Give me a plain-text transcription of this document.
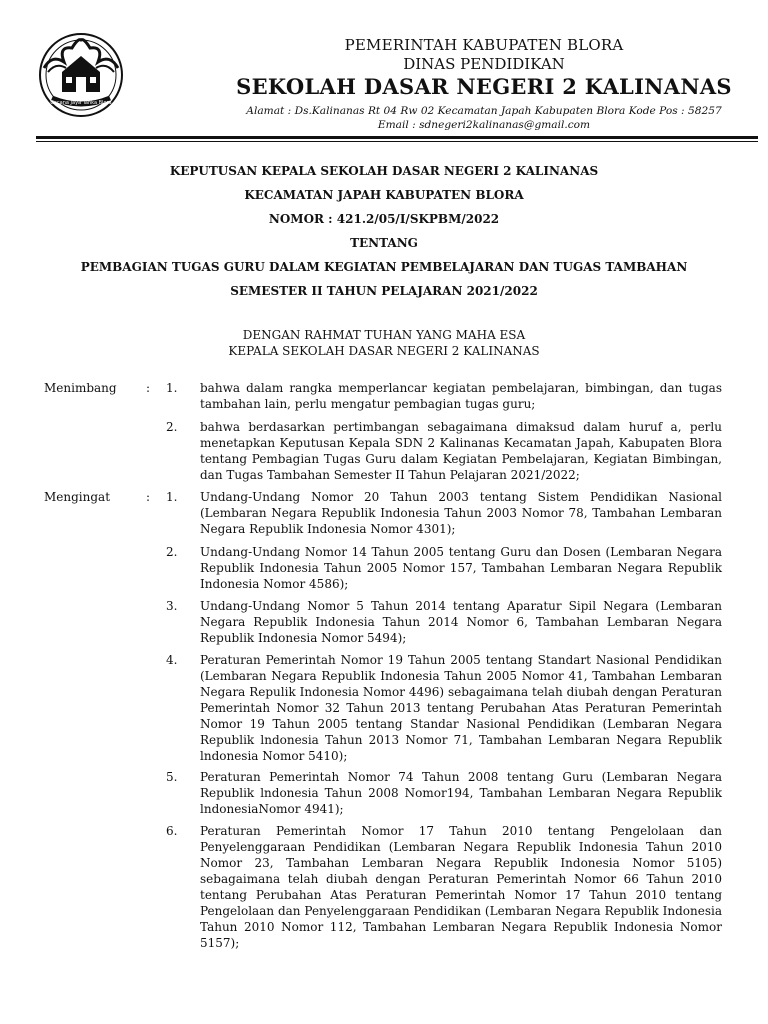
Cacana Jaya Tanka Blora
PEMERINTAH KABUPATEN BLORA
DINAS PENDIDIKAN
SEKOLAH DASAR NEGERI 2 KALINANAS
Alamat : Ds.Kalinanas Rt 04 Rw 02 Kecamatan Japah Kabupaten Blora Kode Pos : 58257
Email : sdnegeri2kalinanas@gmail.com
KEPUTUSAN KEPALA SEKOLAH DASAR NEGERI 2 KALINANAS
KECAMATAN JAPAH KABUPATEN BLORA
NOMOR : 421.2/05/I/SKPBM/2022
TENTANG
PEMBAGIAN TUGAS GURU DALAM KEGIATAN PEMBELAJARAN DAN TUGAS TAMBAHAN
SEMESTER II TAHUN PELAJARAN 2021/2022
DENGAN RAHMAT TUHAN YANG MAHA ESA
KEPALA SEKOLAH DASAR NEGERI 2 KALINANAS
Menimbang : 1. bahwa dalam rangka memperlancar kegiatan pembelajaran, bimbingan, dan tugas tambahan lain, perlu mengatur pembagian tugas guru;
2. bahwa berdasarkan pertimbangan sebagaimana dimaksud dalam huruf a, perlu menetapkan Keputusan Kepala SDN 2 Kalinanas Kecamatan Japah, Kabupaten Blora tentang Pembagian Tugas Guru dalam Kegiatan Pembelajaran, Kegiatan Bimbingan, dan Tugas Tambahan Semester II Tahun Pelajaran 2021/2022;
Mengingat	: 1. Undang-Undang Nomor 20 Tahun 2003 tentang Sistem Pendidikan Nasional (Lembaran Negara Republik Indonesia Tahun 2003 Nomor 78, Tambahan Lembaran Negara Republik Indonesia Nomor 4301);
2. Undang-Undang Nomor 14 Tahun 2005 tentang Guru dan Dosen (Lembaran Negara Republik Indonesia Tahun 2005 Nomor 157, Tambahan Lembaran Negara Republik Indonesia Nomor 4586);
3. Undang-Undang Nomor 5 Tahun 2014 tentang Aparatur Sipil Negara (Lembaran Negara Republik Indonesia Tahun 2014 Nomor 6, Tambahan Lembaran Negara Republik Indonesia Nomor 5494);
4. Peraturan Pemerintah Nomor 19 Tahun 2005 tentang Standart Nasional Pendidikan (Lembaran Negara Republik Indonesia Tahun 2005 Nomor 41, Tambahan Lembaran Negara Repulik Indonesia Nomor 4496) sebagaimana telah diubah dengan Peraturan Pemerintah Nomor 32 Tahun 2013 tentang Perubahan Atas Peraturan Pemerintah Nomor 19 Tahun 2005 tentang Standar Nasional Pendidikan (Lembaran Negara Republik lndonesia Tahun 2013 Nomor 71, Tambahan Lembaran Negara Republik lndonesia Nomor 5410);
5. Peraturan Pemerintah Nomor 74 Tahun 2008 tentang Guru (Lembaran Negara Republik lndonesia Tahun 2008 Nomor194, Tambahan Lembaran Negara Republik lndonesiaNomor 4941);
6. Peraturan Pemerintah Nomor 17 Tahun 2010 tentang Pengelolaan dan Penyelenggaraan Pendidikan (Lembaran Negara Republik Indonesia Tahun 2010 Nomor 23, Tambahan Lembaran Negara Republik Indonesia Nomor 5105) sebagaimana telah diubah dengan Peraturan Pemerintah Nomor 66 Tahun 2010 tentang Perubahan Atas Peraturan Pemerintah Nomor 17 Tahun 2010 tentang Pengelolaan dan Penyelenggaraan Pendidikan (Lembaran Negara Republik Indonesia Tahun 2010 Nomor 112, Tambahan Lembaran Negara Republik Indonesia Nomor 5157);
